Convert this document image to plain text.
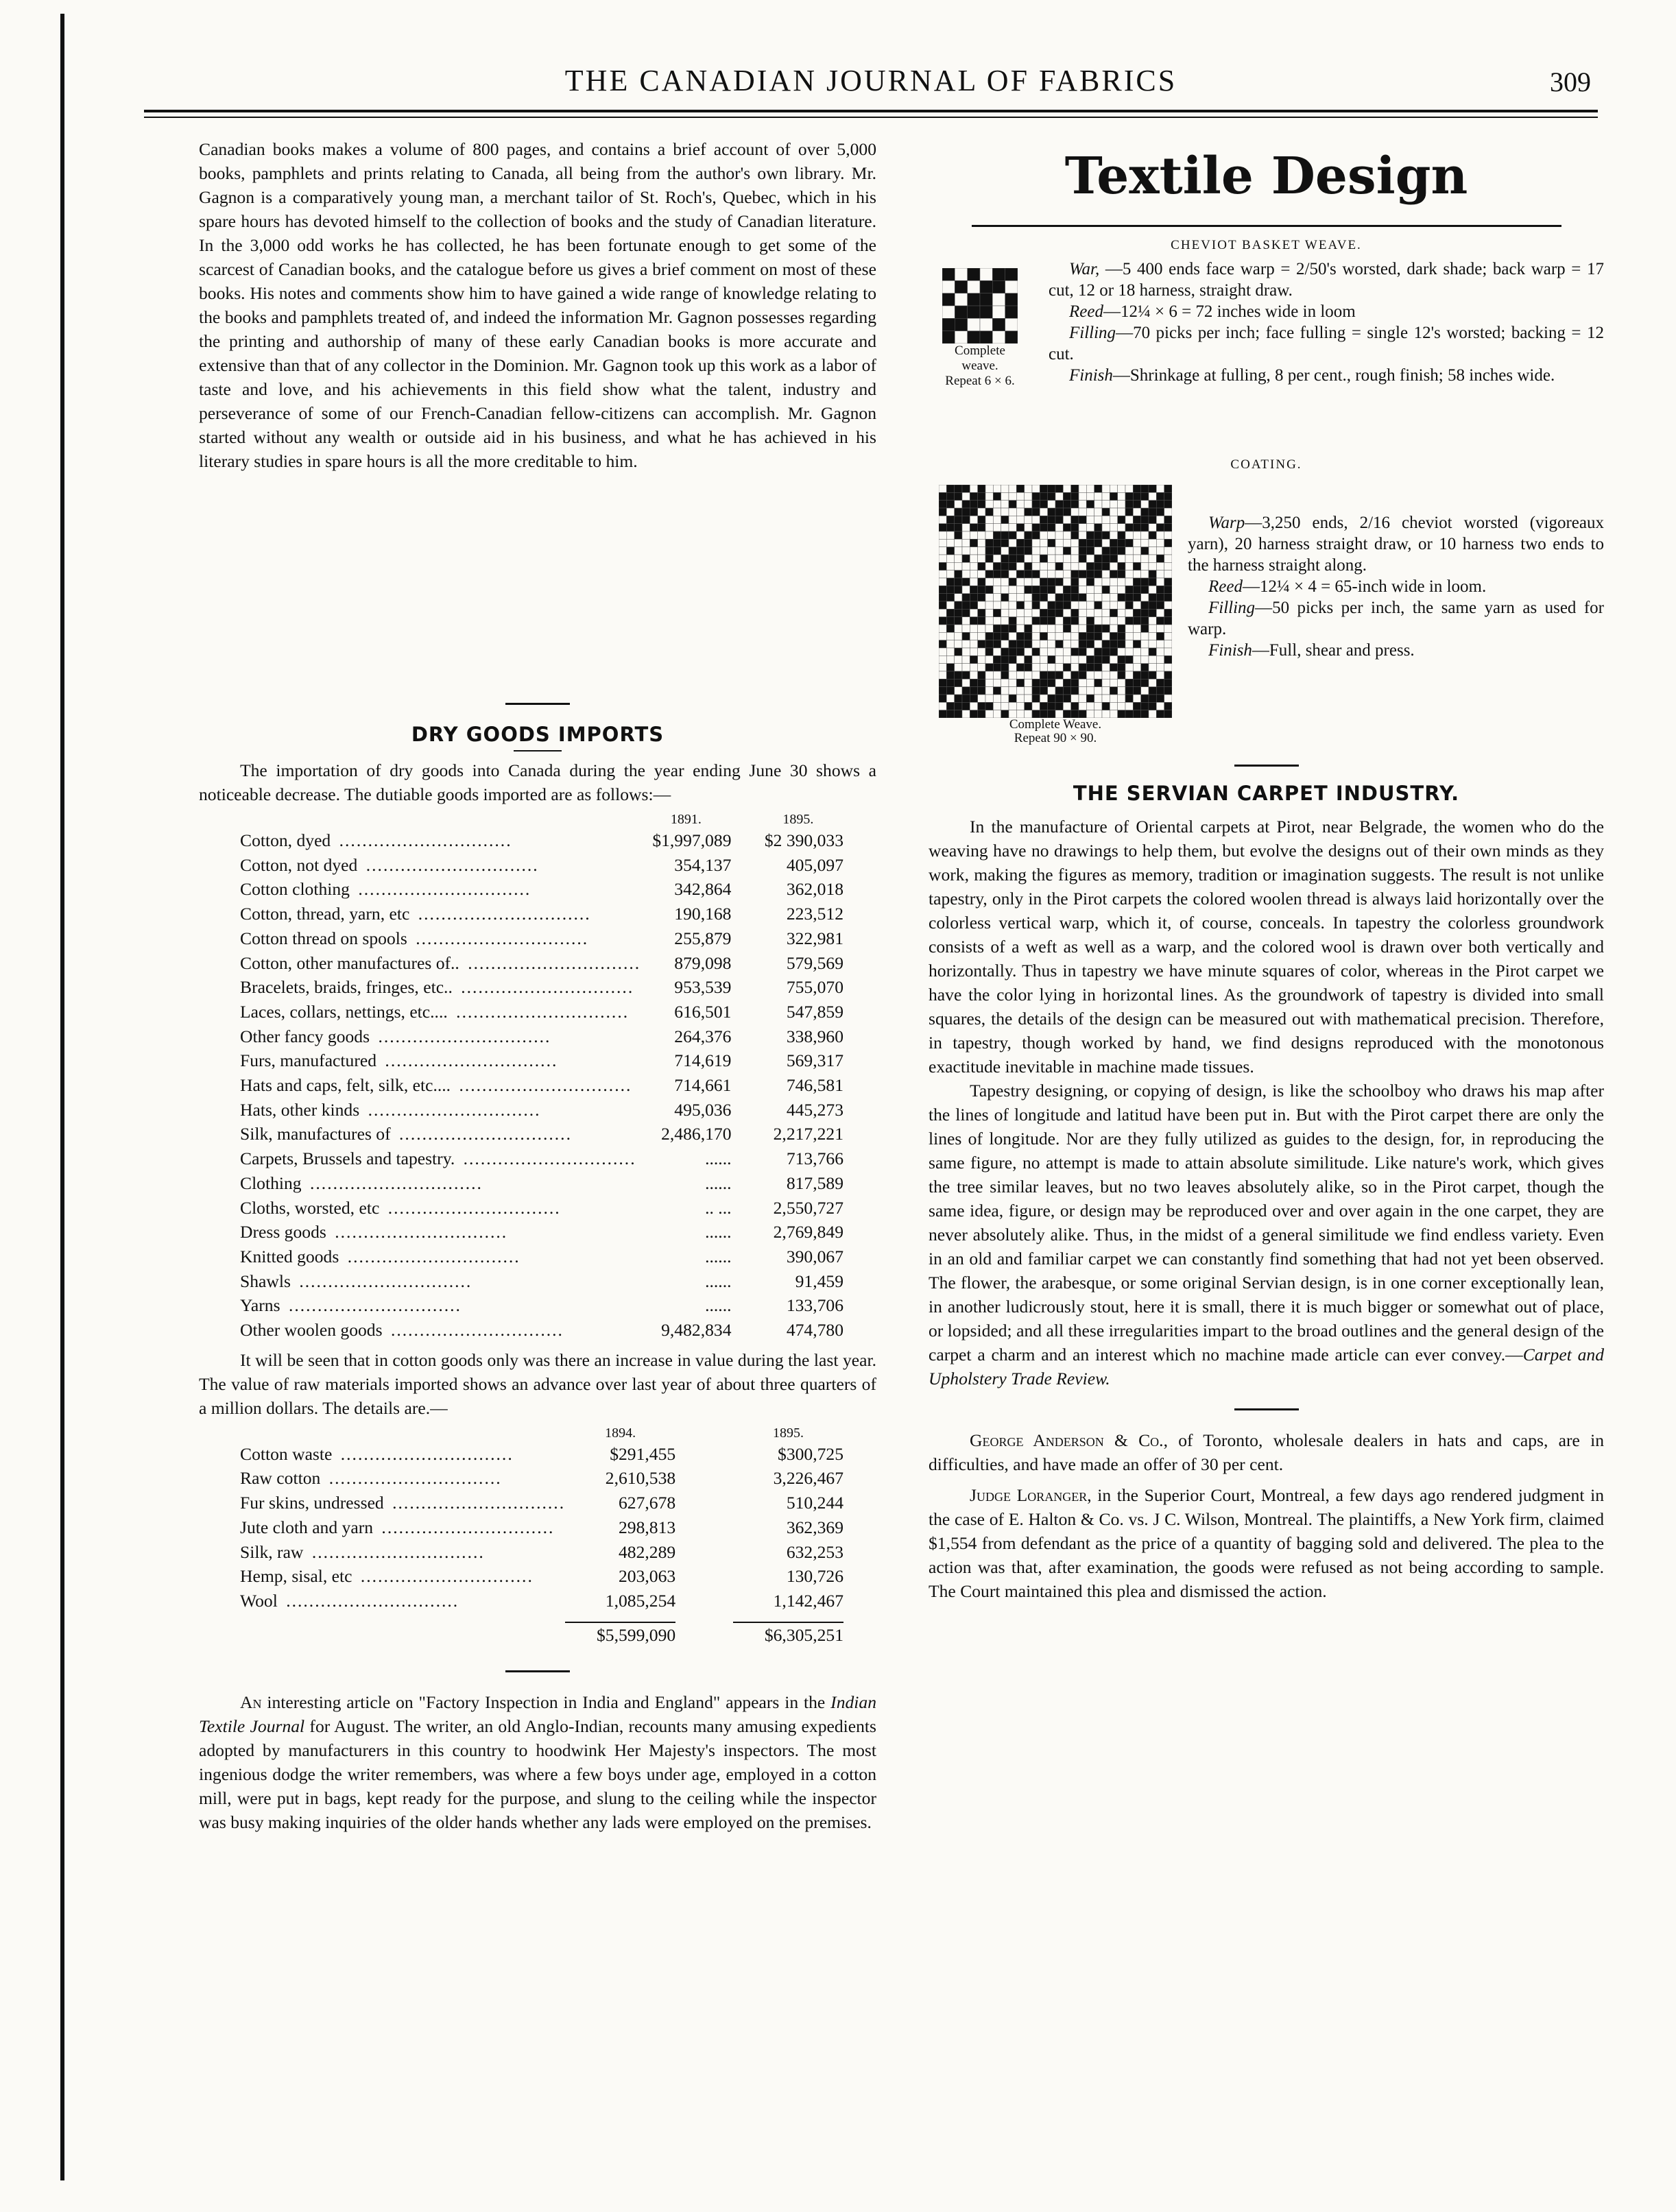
THE CANADIAN JOURNAL OF FABRICS	309

Canadian books makes a volume of 800 pages, and contains a brief account of over 5,000 books, pamphlets and prints relating to Canada, all being from the author's own library. Mr. Gagnon is a comparatively young man, a merchant tailor of St. Roch's, Quebec, which in his spare hours has devoted himself to the collection of books and the study of Canadian literature. In the 3,000 odd works he has collected, he has been fortunate enough to get some of the scarcest of Canadian books, and the catalogue before us gives a brief comment on most of these books. His notes and comments show him to have gained a wide range of knowledge relating to the books and pamphlets treated of, and indeed the information Mr. Gagnon possesses regarding the printing and authorship of many of these early Canadian books is more accurate and extensive than that of any collector in the Dominion. Mr. Gagnon took up this work as a labor of taste and love, and his achievements in this field show what the talent, industry and perseverance of some of our French-Canadian fellow-citizens can accomplish. Mr. Gagnon started without any wealth or outside aid in his business, and what he has achieved in his literary studies in spare hours is all the more creditable to him.

DRY GOODS IMPORTS

The importation of dry goods into Canada during the year ending June 30 shows a noticeable decrease. The dutiable goods imported are as follows:—

	1891.		1895.
Cotton, dyed ..............................	$1,997,089		$2 390,033
Cotton, not dyed ..............................	354,137		405,097
Cotton clothing ..............................	342,864		362,018
Cotton, thread, yarn, etc ..............................	190,168		223,512
Cotton thread on spools ..............................	255,879		322,981
Cotton, other manufactures of.. ..............................	879,098		579,569
Bracelets, braids, fringes, etc.. ..............................	953,539		755,070
Laces, collars, nettings, etc.... ..............................	616,501		547,859
Other fancy goods ..............................	264,376		338,960
Furs, manufactured ..............................	714,619		569,317
Hats and caps, felt, silk, etc.... ..............................	714,661		746,581
Hats, other kinds ..............................	495,036		445,273
Silk, manufactures of ..............................	2,486,170		2,217,221
Carpets, Brussels and tapestry. ..............................	......		713,766
Clothing ..............................	......		817,589
Cloths, worsted, etc ..............................	.. ...		2,550,727
Dress goods ..............................	......		2,769,849
Knitted goods ..............................	......		390,067
Shawls ..............................	......		91,459
Yarns ..............................	......		133,706
Other woolen goods ..............................	9,482,834		474,780

It will be seen that in cotton goods only was there an increase in value during the last year. The value of raw materials imported shows an advance over last year of about three quarters of a million dollars. The details are.—

	1894.		1895.
Cotton waste ..............................	$291,455		$300,725
Raw cotton ..............................	2,610,538		3,226,467
Fur skins, undressed ..............................	627,678		510,244
Jute cloth and yarn ..............................	298,813		362,369
Silk, raw ..............................	482,289		632,253
Hemp, sisal, etc ..............................	203,063		130,726
Wool ..............................	1,085,254		1,142,467

	$5,599,090		$6,305,251

An interesting article on "Factory Inspection in India and England" appears in the Indian Textile Journal for August. The writer, an old Anglo-Indian, recounts many amusing expedients adopted by manufacturers in this country to hoodwink Her Majesty's inspectors. The most ingenious dodge the writer remembers, was where a few boys under age, employed in a cotton mill, were put in bags, kept ready for the purpose, and slung to the ceiling while the inspector was busy making inquiries of the older hands whether any lads were employed on the premises.

Textile Design
CHEVIOT BASKET WEAVE.
Complete
weave.
Repeat 6 × 6.

War, —5 400 ends face warp = 2/50's worsted, dark shade; back warp = 17 cut, 12 or 18 harness, straight draw.

Reed—12¼ × 6 = 72 inches wide in loom

Filling—70 picks per inch; face fulling = single 12's worsted; backing = 12 cut.

Finish—Shrinkage at fulling, 8 per cent., rough finish; 58 inches wide.

COATING.
Complete Weave.
Repeat 90 × 90.

Warp—3,250 ends, 2/16 cheviot worsted (vigoreaux yarn), 20 harness straight draw, or 10 harness two ends to the harness straight along.

Reed—12¼ × 4 = 65-inch wide in loom.

Filling—50 picks per inch, the same yarn as used for warp.

Finish—Full, shear and press.

THE SERVIAN CARPET INDUSTRY.

In the manufacture of Oriental carpets at Pirot, near Belgrade, the women who do the weaving have no drawings to help them, but evolve the designs out of their own minds as they work, making the figures as memory, tradition or imagination suggests. The result is not unlike tapestry, only in the Pirot carpets the colored woolen thread is always laid horizontally over the colorless vertical warp, which it, of course, conceals. In tapestry the colorless groundwork consists of a weft as well as a warp, and the colored wool is drawn over both vertically and horizontally. Thus in tapestry we have minute squares of color, whereas in the Pirot carpet we have the color lying in horizontal lines. As the groundwork of tapestry is divided into small squares, the details of the design can be measured out with mathematical precision. Therefore, in tapestry, though worked by hand, we find designs reproduced with the monotonous exactitude inevitable in machine made tissues.

Tapestry designing, or copying of design, is like the schoolboy who draws his map after the lines of longitude and latitud have been put in. But with the Pirot carpet there are only the lines of longitude. Nor are they fully utilized as guides to the design, for, in reproducing the same figure, no attempt is made to attain absolute similitude. Like nature's work, which gives the tree similar leaves, but no two leaves absolutely alike, so in the Pirot carpet, though the same idea, figure, or design may be reproduced over and over again in the one carpet, they are never absolutely alike. Thus, in the midst of a general similitude we find endless variety. Even in an old and familiar carpet we can constantly find something that had not yet been observed. The flower, the arabesque, or some original Servian design, is in one corner exceptionally lean, in another ludicrously stout, here it is small, there it is much bigger or somewhat out of place, or lopsided; and all these irregularities impart to the broad outlines and the general design of the carpet a charm and an interest which no machine made article can ever convey.—Carpet and Upholstery Trade Review.

George Anderson & Co., of Toronto, wholesale dealers in hats and caps, are in difficulties, and have made an offer of 30 per cent.

Judge Loranger, in the Superior Court, Montreal, a few days ago rendered judgment in the case of E. Halton & Co. vs. J C. Wilson, Montreal. The plaintiffs, a New York firm, claimed $1,554 from defendant as the price of a quantity of bagging sold and delivered. The plea to the action was that, after examination, the goods were refused as not being according to sample. The Court maintained this plea and dismissed the action.
